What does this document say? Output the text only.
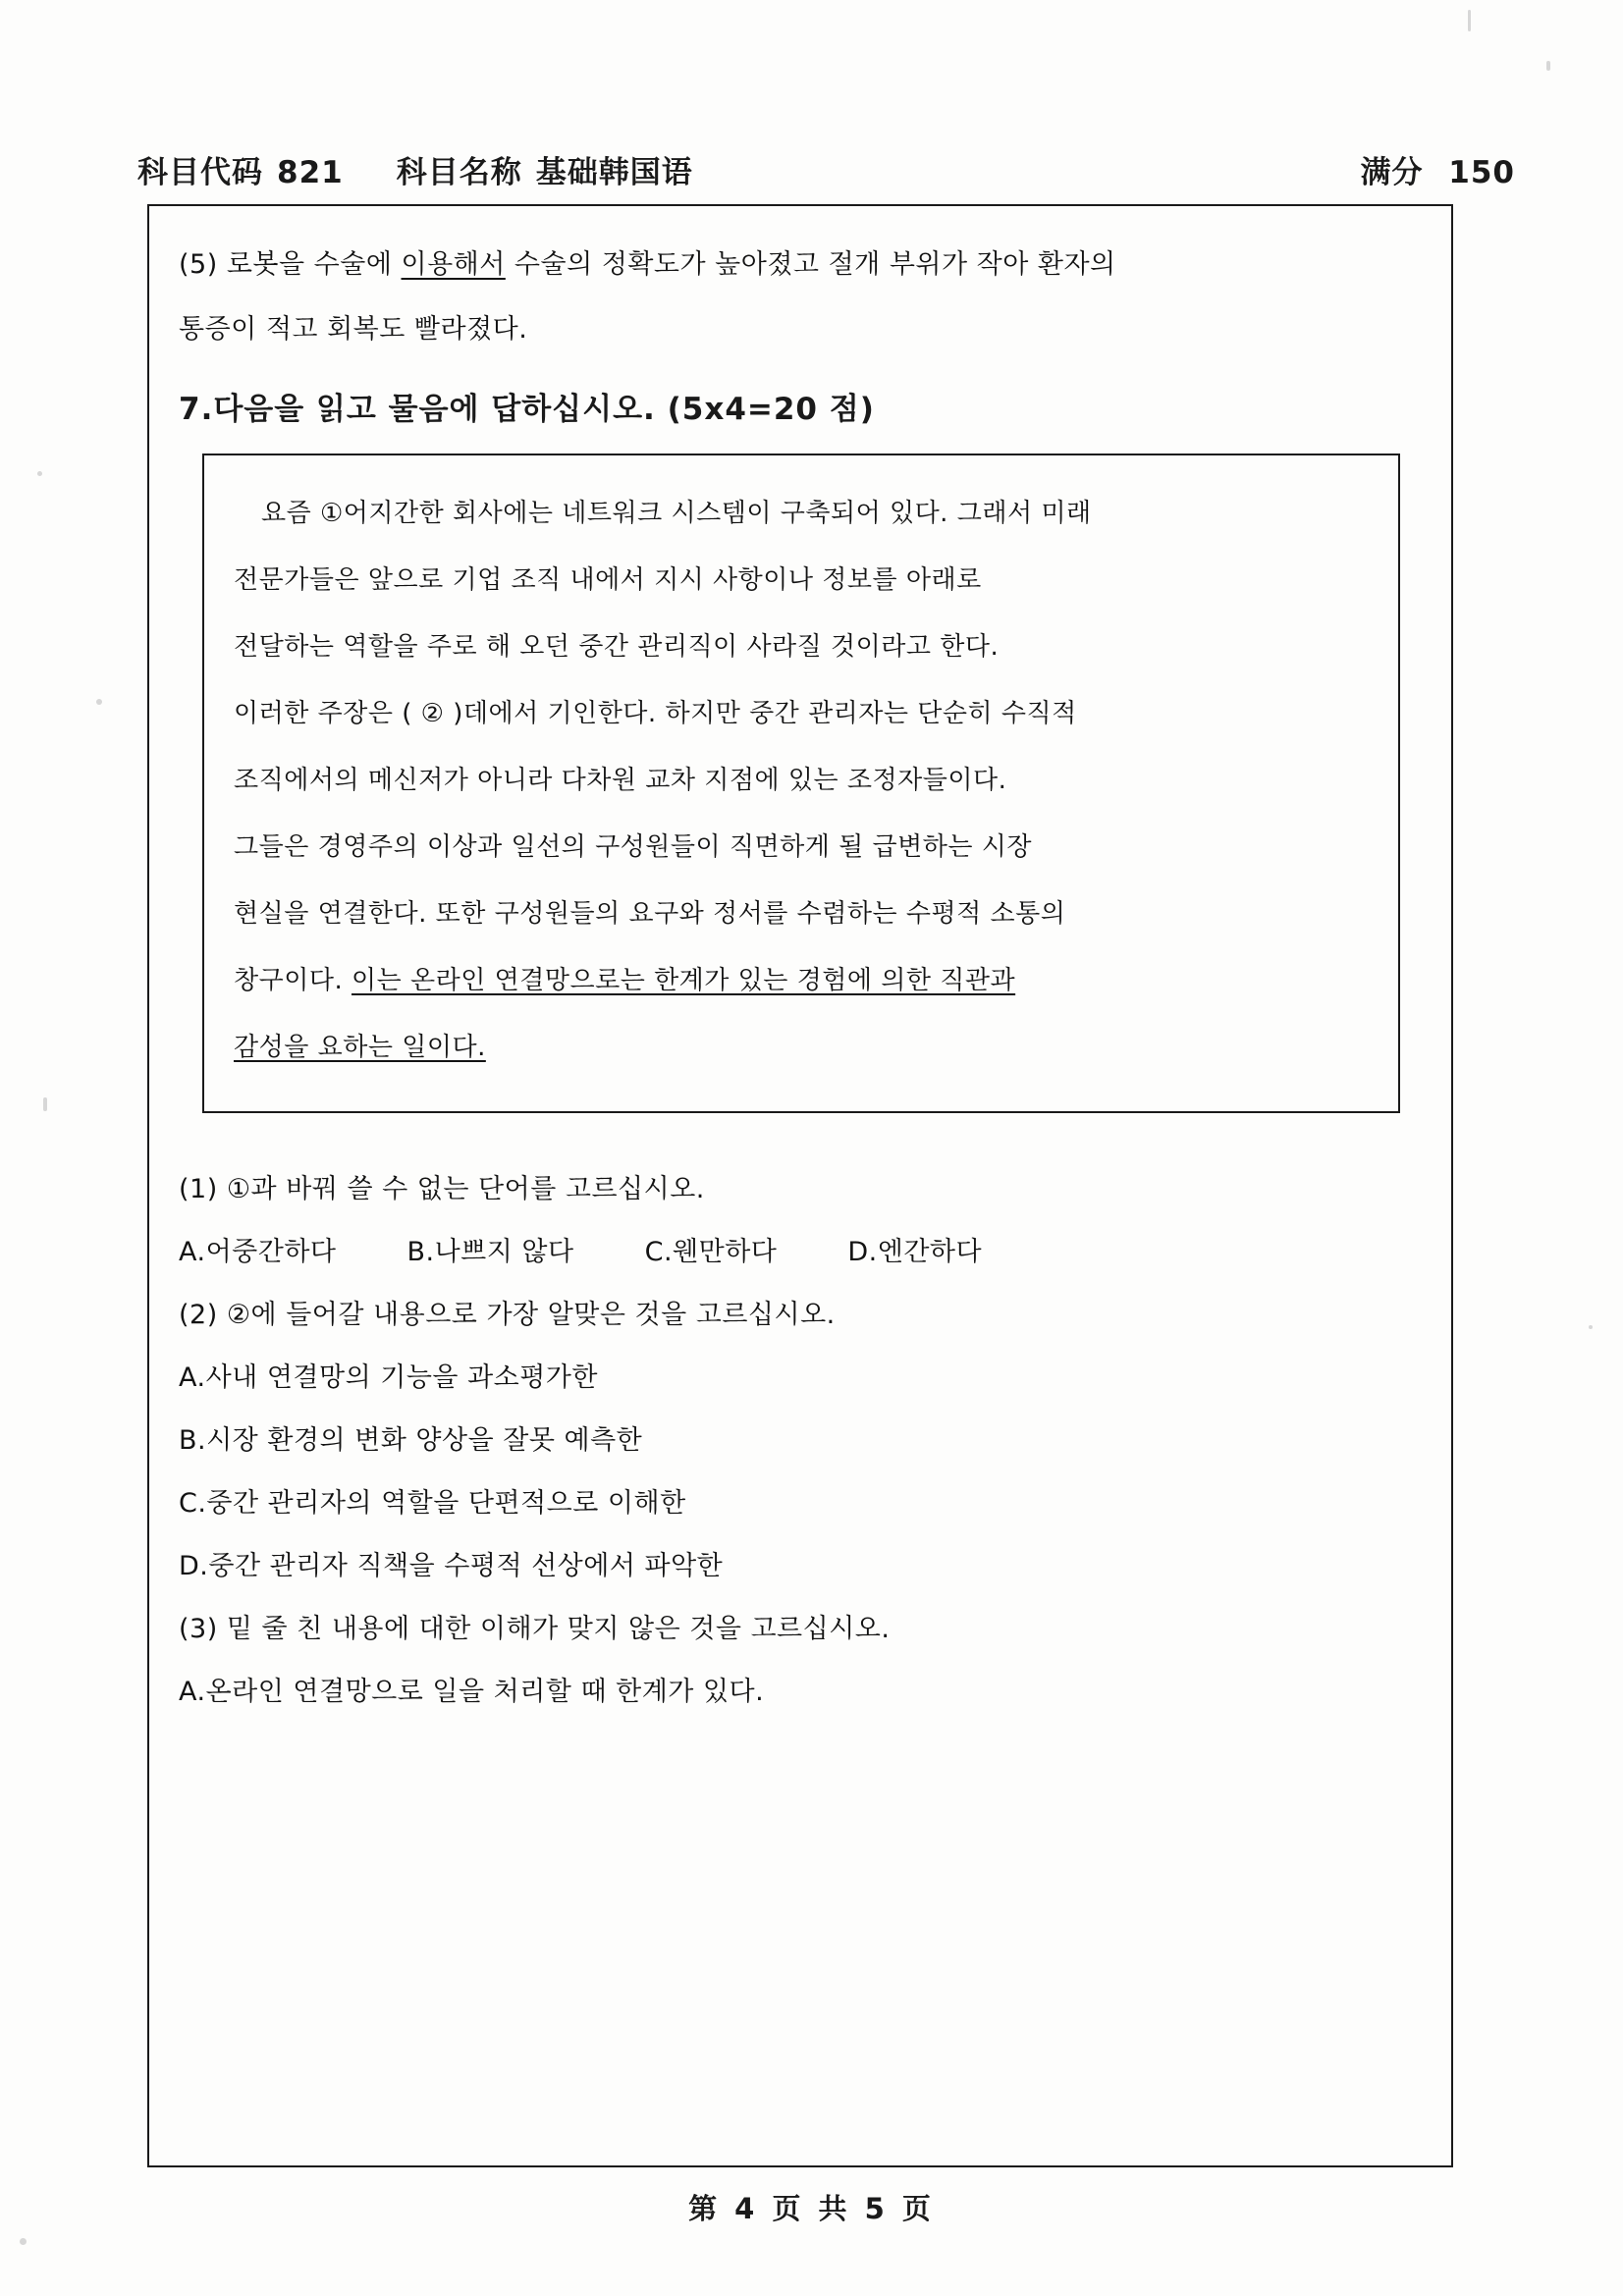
科目代码 821 科目名称 基础韩国语	满分 150
(5) 로봇을 수술에 이용해서 수술의 정확도가 높아졌고 절개 부위가 작아 환자의
통증이 적고 회복도 빨라졌다.
7.다음을 읽고 물음에 답하십시오. (5x4=20 점)
요즘 ①어지간한 회사에는 네트워크 시스템이 구축되어 있다. 그래서 미래
전문가들은 앞으로 기업 조직 내에서 지시 사항이나 정보를 아래로
전달하는 역할을 주로 해 오던 중간 관리직이 사라질 것이라고 한다.
이러한 주장은 ( ② )데에서 기인한다. 하지만 중간 관리자는 단순히 수직적
조직에서의 메신저가 아니라 다차원 교차 지점에 있는 조정자들이다.
그들은 경영주의 이상과 일선의 구성원들이 직면하게 될 급변하는 시장
현실을 연결한다. 또한 구성원들의 요구와 정서를 수렴하는 수평적 소통의
창구이다. 이는 온라인 연결망으로는 한계가 있는 경험에 의한 직관과
감성을 요하는 일이다.
(1) ①과 바꿔 쓸 수 없는 단어를 고르십시오.
A.어중간하다	B.나쁘지 않다	C.웬만하다	D.엔간하다
(2) ②에 들어갈 내용으로 가장 알맞은 것을 고르십시오.
A.사내 연결망의 기능을 과소평가한
B.시장 환경의 변화 양상을 잘못 예측한
C.중간 관리자의 역할을 단편적으로 이해한
D.중간 관리자 직책을 수평적 선상에서 파악한
(3) 밑 줄 친 내용에 대한 이해가 맞지 않은 것을 고르십시오.
A.온라인 연결망으로 일을 처리할 때 한계가 있다.
第 4 页 共 5 页
